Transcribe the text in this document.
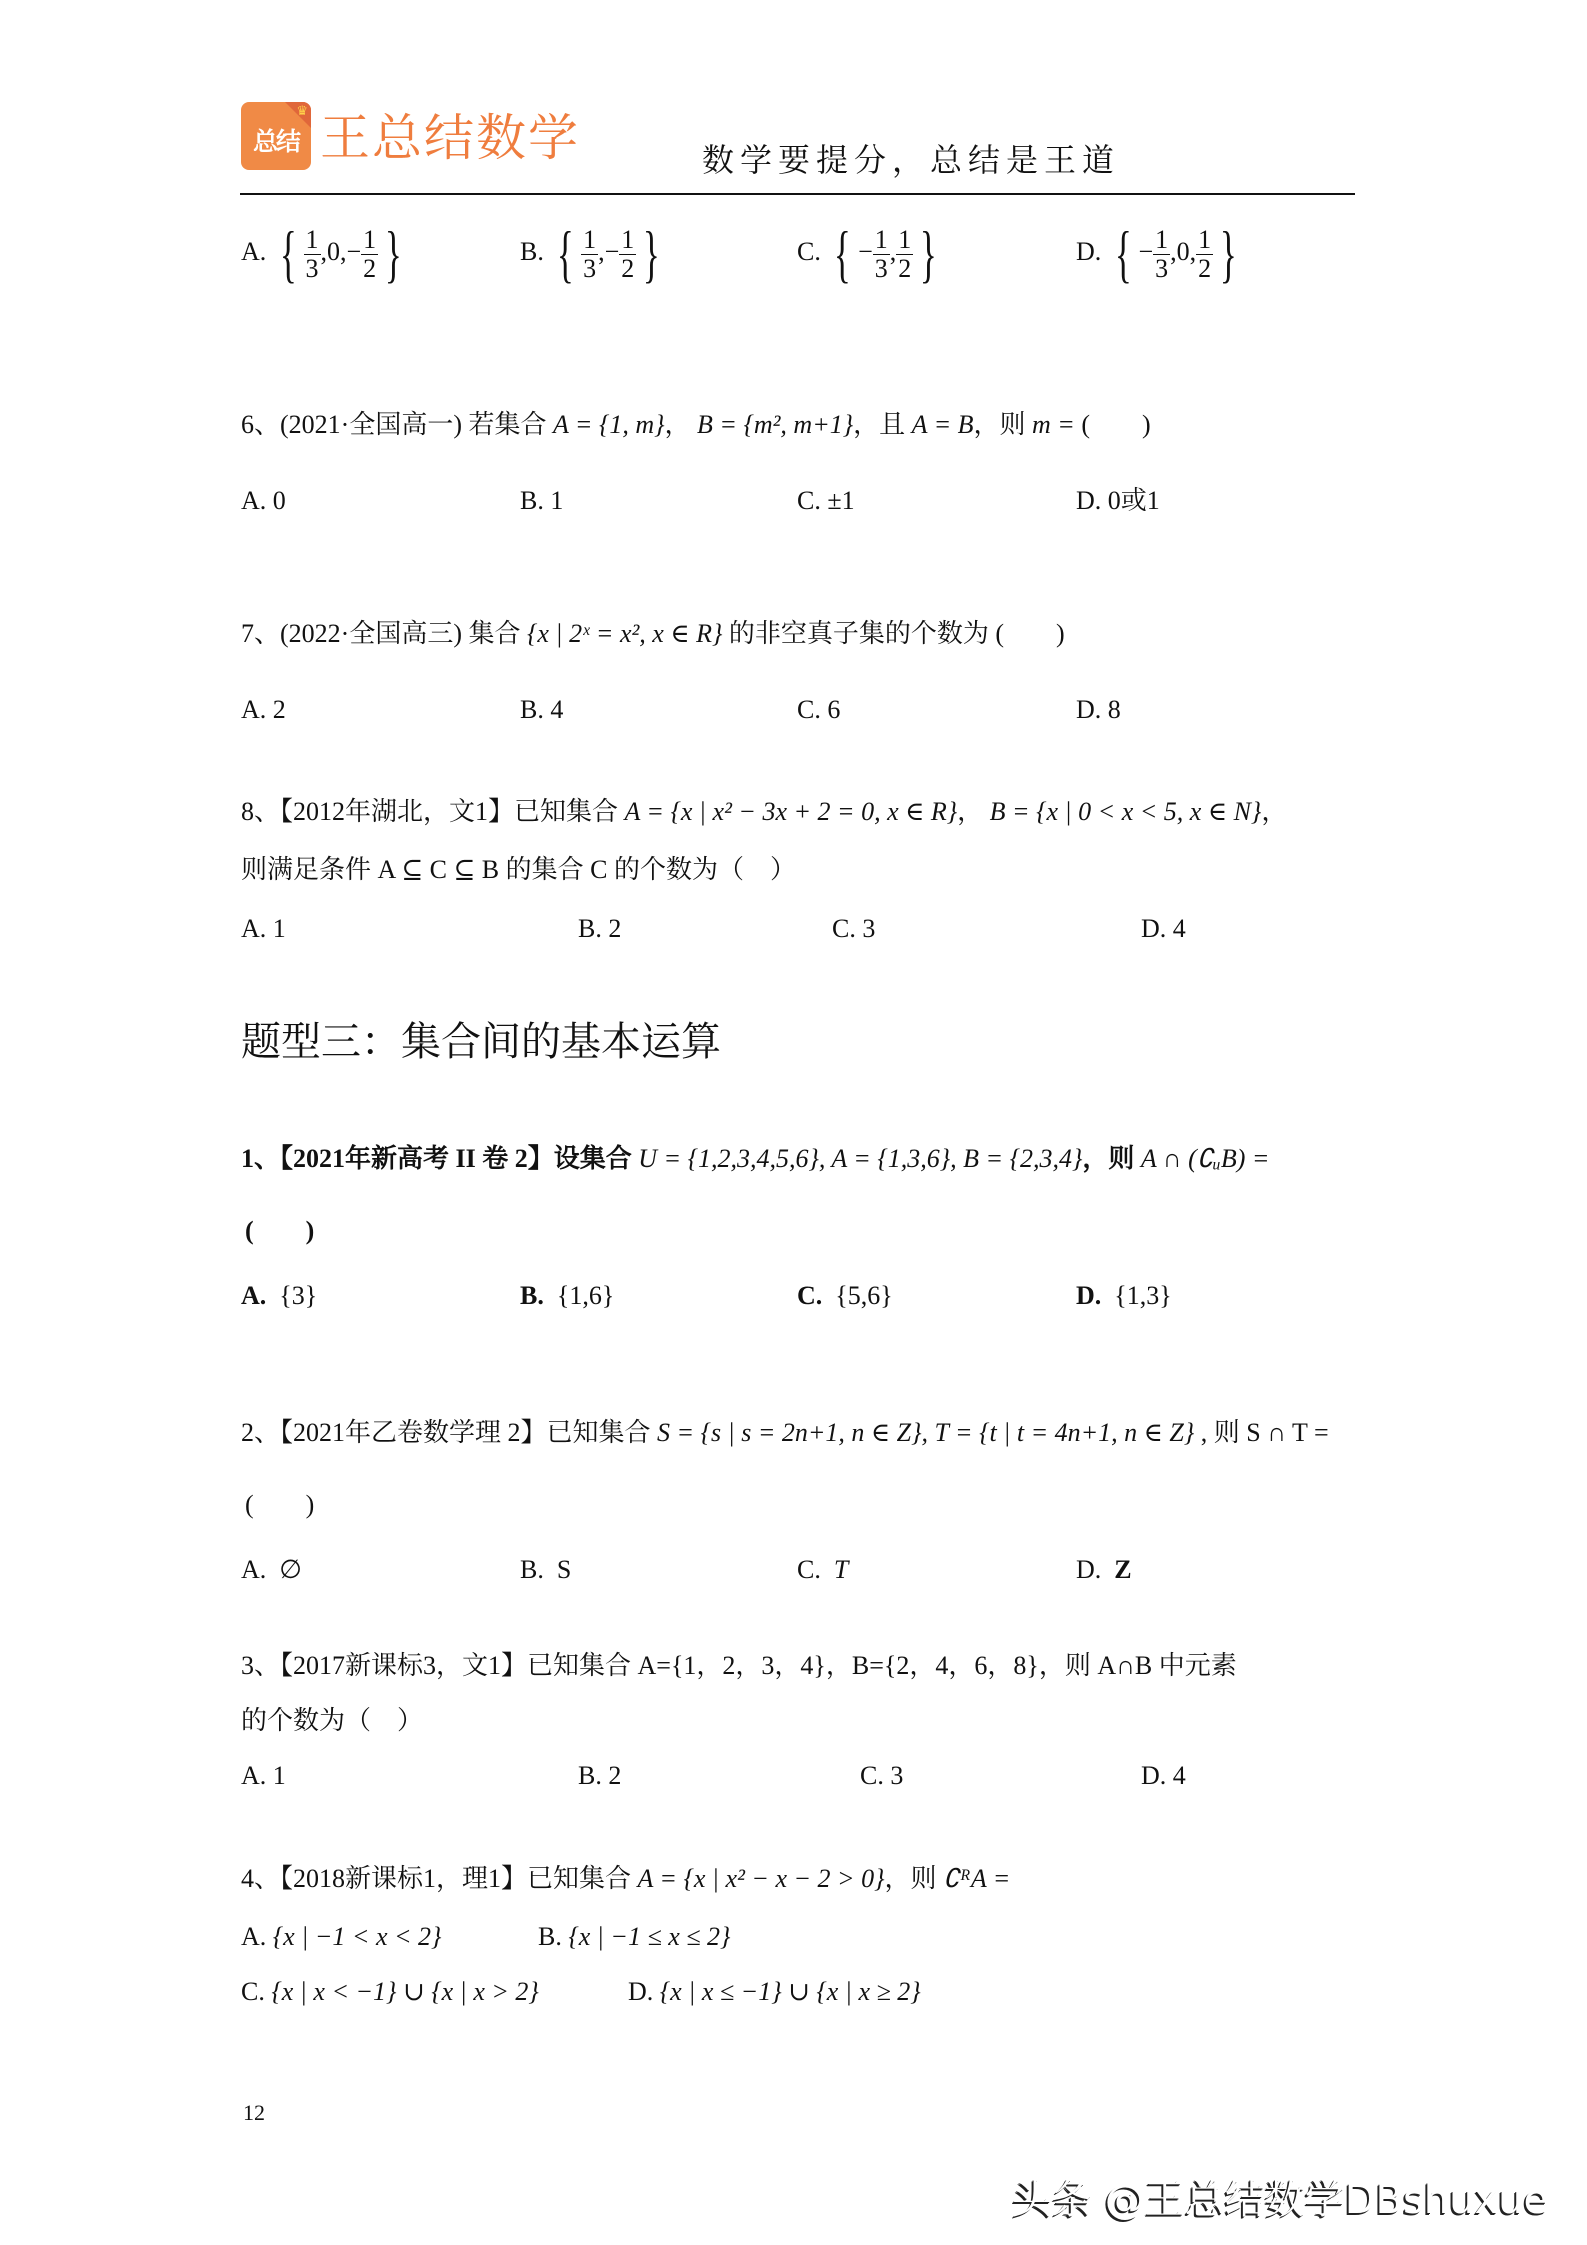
♛
总结 王总结数学	数学要提分，总结是王道
A. { $\frac{1}{3} ,0,- \frac{1}{2}$ }	B. { $\frac{1}{3}$ ,− $\frac{1}{2}$ }	C. { − $\frac{1}{3}$ , $\frac{1}{2}$ }	D. { − $\frac{1}{3} ,0$, $\frac{1}{2}$ }
6、(2021·全国高一) 若集合 A = {1, m}， B = {m², m+1}，且 A = B，则 m = (　　)
A. 0	B. 1	C. ±1	D. 0或1
7、(2022·全国高三) 集合 {x | 2ˣ = x², x ∈ R} 的非空真子集的个数为 (　　)
A. 2	B. 4	C. 6	D. 8
8、【2012年湖北，文1】已知集合 A = {x | x² − 3x + 2 = 0, x ∈ R}， B = {x | 0 < x < 5, x ∈ N}，
则满足条件 A ⊆ C ⊆ B 的集合 C 的个数为（　）
A. 1	B. 2	C. 3	D. 4
题型三：集合间的基本运算
1、【2021年新高考 II 卷 2】设集合 U = {1,2,3,4,5,6}, A = {1,3,6}, B = {2,3,4}，则 A ∩ (∁ᵤB) =
(　　)
A. {3}	B. {1,6}	C. {5,6}	D. {1,3}
2、【2021年乙卷数学理 2】已知集合 S = {s | s = 2n+1, n ∈ Z}, T = {t | t = 4n+1, n ∈ Z} , 则 S ∩ T =
(　　)
A. ∅	B. S	C. T	D. Z
3、【2017新课标3，文1】已知集合 A={1，2，3，4}，B={2，4，6，8}，则 A∩B 中元素
的个数为（　）
A. 1	B. 2	C. 3	D. 4
4、【2018新课标1，理1】已知集合 A = {x | x² − x − 2 > 0}，则 ∁ᴿA =
A. {x | −1 < x < 2}	B. {x | −1 ≤ x ≤ 2}
C. {x | x < −1} ∪ {x | x > 2}	D. {x | x ≤ −1} ∪ {x | x ≥ 2}
12
头条 @王总结数学DBshuxue
